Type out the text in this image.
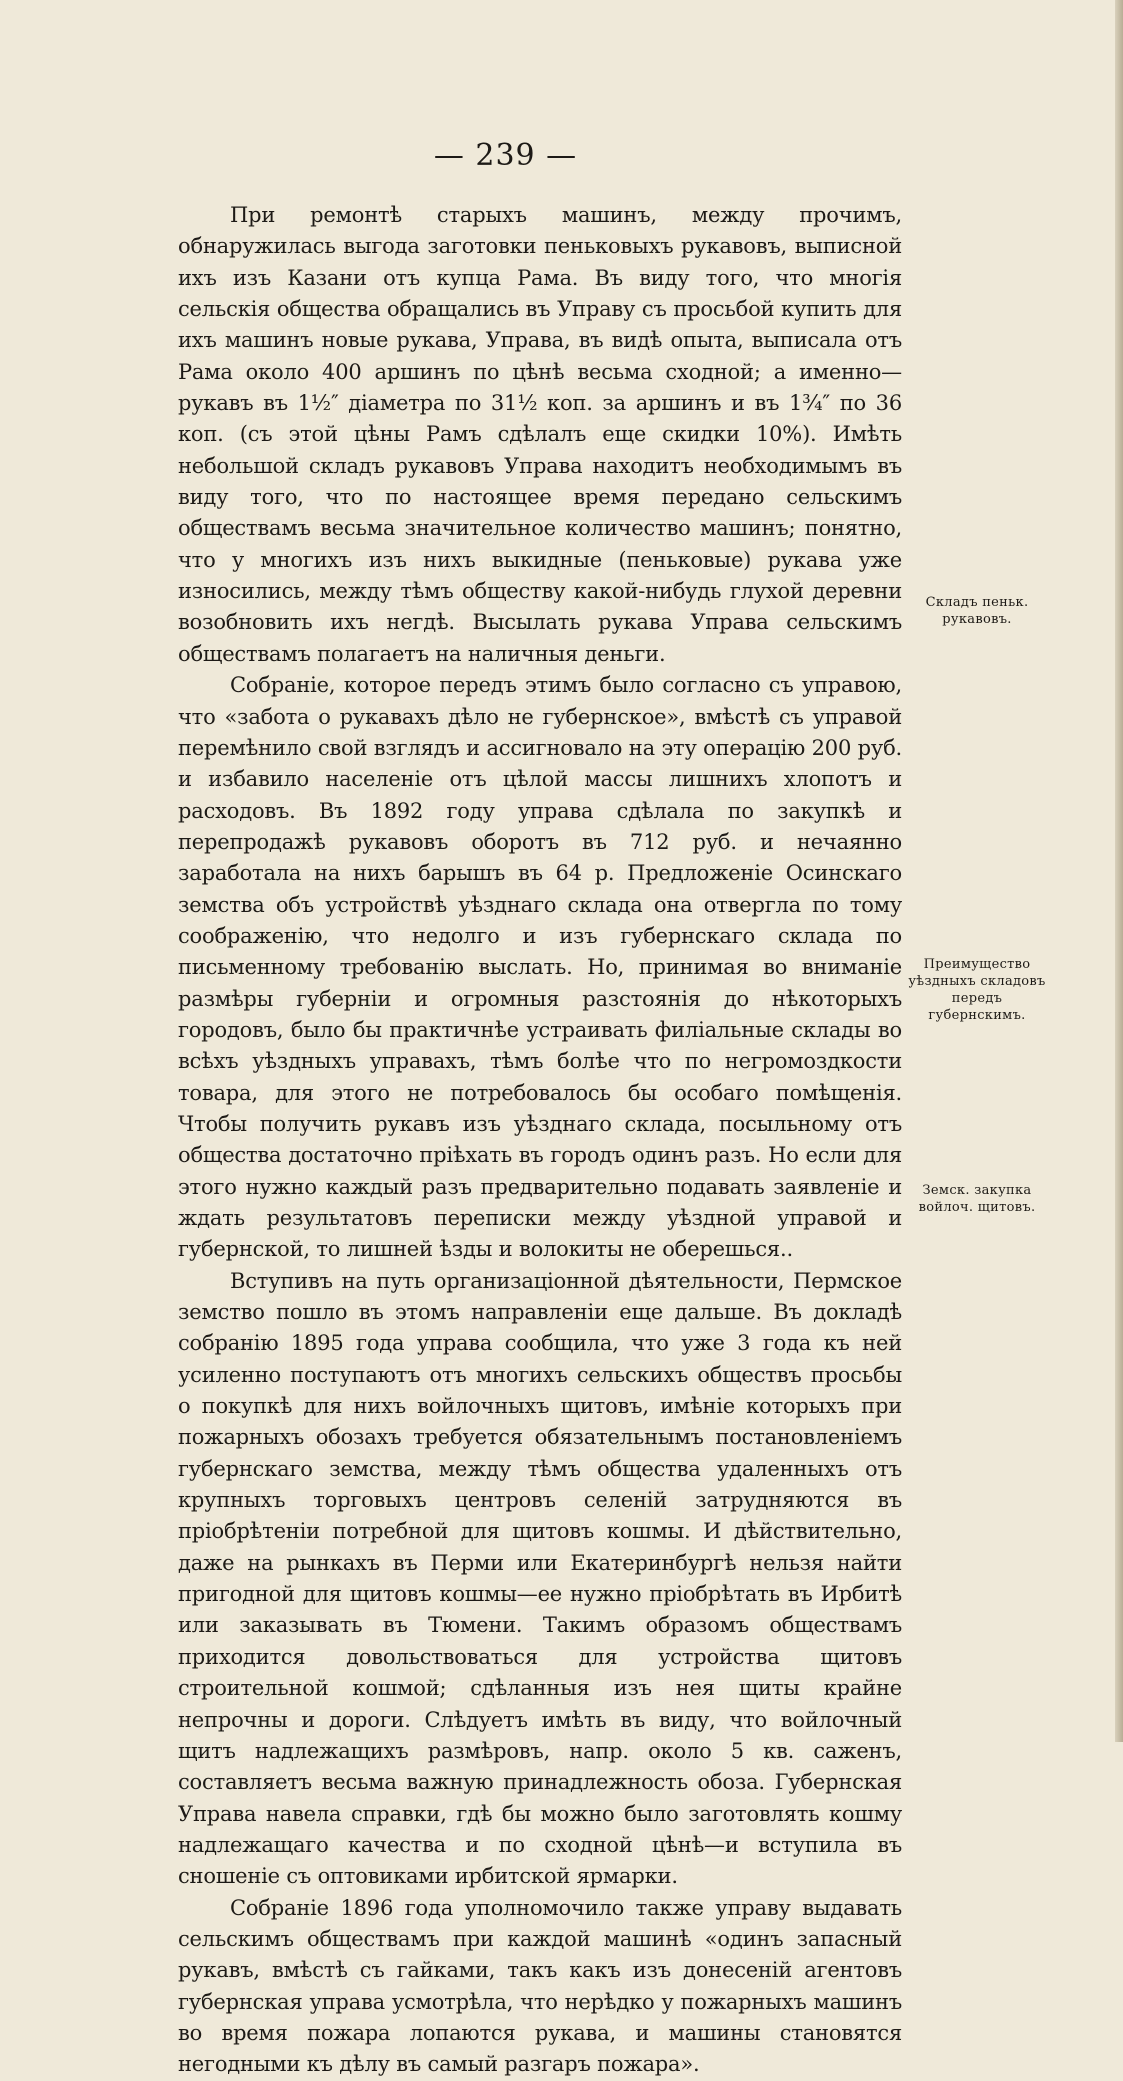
— 239 —

При ремонтѣ старыхъ машинъ, между прочимъ, обнаружилась выгода заготовки пеньковыхъ рукавовъ, выписной ихъ изъ Казани отъ купца Рама. Въ виду того, что многія сельскія общества обращались въ Управу съ просьбой купить для ихъ машинъ новые рукава, Управа, въ видѣ опыта, выписала отъ Рама около 400 аршинъ по цѣнѣ весьма сходной; а именно—рукавъ въ 1½″ діаметра по 31½ коп. за аршинъ и въ 1¾″ по 36 коп. (съ этой цѣны Рамъ сдѣлалъ еще скидки 10%). Имѣть небольшой складъ рукавовъ Управа находитъ необходимымъ въ виду того, что по настоящее время передано сельскимъ обществамъ весьма значительное количество машинъ; понятно, что у многихъ изъ нихъ выкидные (пеньковые) рукава уже износились, между тѣмъ обществу какой-нибудь глухой деревни возобновить ихъ негдѣ. Высылать рукава Управа сельскимъ обществамъ полагаетъ на наличныя деньги.

Собраніе, которое передъ этимъ было согласно съ управою, что «забота о рукавахъ дѣло не губернское», вмѣстѣ съ управой перемѣнило свой взглядъ и ассигновало на эту операцію 200 руб. и избавило населеніе отъ цѣлой массы лишнихъ хлопотъ и расходовъ. Въ 1892 году управа сдѣлала по закупкѣ и перепродажѣ рукавовъ оборотъ въ 712 руб. и нечаянно заработала на нихъ барышъ въ 64 р. Предложеніе Осинскаго земства объ устройствѣ уѣзднаго склада она отвергла по тому соображенію, что недолго и изъ губернскаго склада по письменному требованію выслать. Но, принимая во вниманіе размѣры губерніи и огромныя разстоянія до нѣкоторыхъ городовъ, было бы практичнѣе устраивать филіальные склады во всѣхъ уѣздныхъ управахъ, тѣмъ болѣе что по негромоздкости товара, для этого не потребовалось бы особаго помѣщенія. Чтобы получить рукавъ изъ уѣзднаго склада, посыльному отъ общества достаточно пріѣхать въ городъ одинъ разъ. Но если для этого нужно каждый разъ предварительно подавать заявленіе и ждать результатовъ переписки между уѣздной управой и губернской, то лишней ѣзды и волокиты не оберешься..

Вступивъ на путь организаціонной дѣятельности, Пермское земство пошло въ этомъ направленіи еще дальше. Въ докладѣ собранію 1895 года управа сообщила, что уже 3 года къ ней усиленно поступаютъ отъ многихъ сельскихъ обществъ просьбы о покупкѣ для нихъ войлочныхъ щитовъ, имѣніе которыхъ при пожарныхъ обозахъ требуется обязательнымъ постановленіемъ губернскаго земства, между тѣмъ общества удаленныхъ отъ крупныхъ торговыхъ центровъ селеній затрудняются въ пріобрѣтеніи потребной для щитовъ кошмы. И дѣйствительно, даже на рынкахъ въ Перми или Екатеринбургѣ нельзя найти пригодной для щитовъ кошмы—ее нужно пріобрѣтать въ Ирбитѣ или заказывать въ Тюмени. Такимъ образомъ обществамъ приходится довольствоваться для устройства щитовъ строительной кошмой; сдѣланныя изъ нея щиты крайне непрочны и дороги. Слѣдуетъ имѣть въ виду, что войлочный щитъ надлежащихъ размѣровъ, напр. около 5 кв. саженъ, составляетъ весьма важную принадлежность обоза. Губернская Управа навела справки, гдѣ бы можно было заготовлять кошму надлежащаго качества и по сходной цѣнѣ—и вступила въ сношеніе съ оптовиками ирбитской ярмарки.

Собраніе 1896 года уполномочило также управу выдавать сельскимъ обществамъ при каждой машинѣ «одинъ запасный рукавъ, вмѣстѣ съ гайками, такъ какъ изъ донесеній агентовъ губернская управа усмотрѣла, что нерѣдко у пожарныхъ машинъ во время пожара лопаются рукава, и машины становятся негодными къ дѣлу въ самый разгаръ пожара».

Складъ пеньк. рукавовъ.
Преимущество уѣздныхъ складовъ передъ губернскимъ.
Земск. закупка войлоч. щитовъ.
